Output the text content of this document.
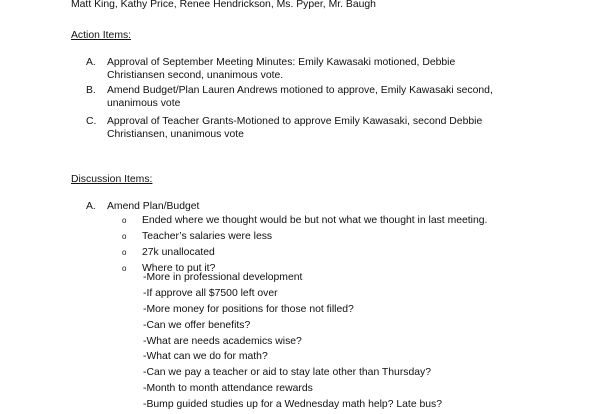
Matt King, Kathy Price, Renee Hendrickson, Ms. Pyper, Mr. Baugh
Action Items:
A. Approval of September Meeting Minutes: Emily Kawasaki motioned, Debbie
Christiansen second, unanimous vote.
B. Amend Budget/Plan Lauren Andrews motioned to approve, Emily Kawasaki second,
unanimous vote
C. Approval of Teacher Grants-Motioned to approve Emily Kawasaki, second Debbie
Christiansen, unanimous vote
Discussion Items:
A. Amend Plan/Budget
o Ended where we thought would be but not what we thought in last meeting.
o Teacher’s salaries were less
o 27k unallocated
o Where to put it?
-More in professional development
-If approve all $7500 left over
-More money for positions for those not filled?
-Can we offer benefits?
-What are needs academics wise?
-What can we do for math?
-Can we pay a teacher or aid to stay late other than Thursday?
-Month to month attendance rewards
-Bump guided studies up for a Wednesday math help? Late bus?
